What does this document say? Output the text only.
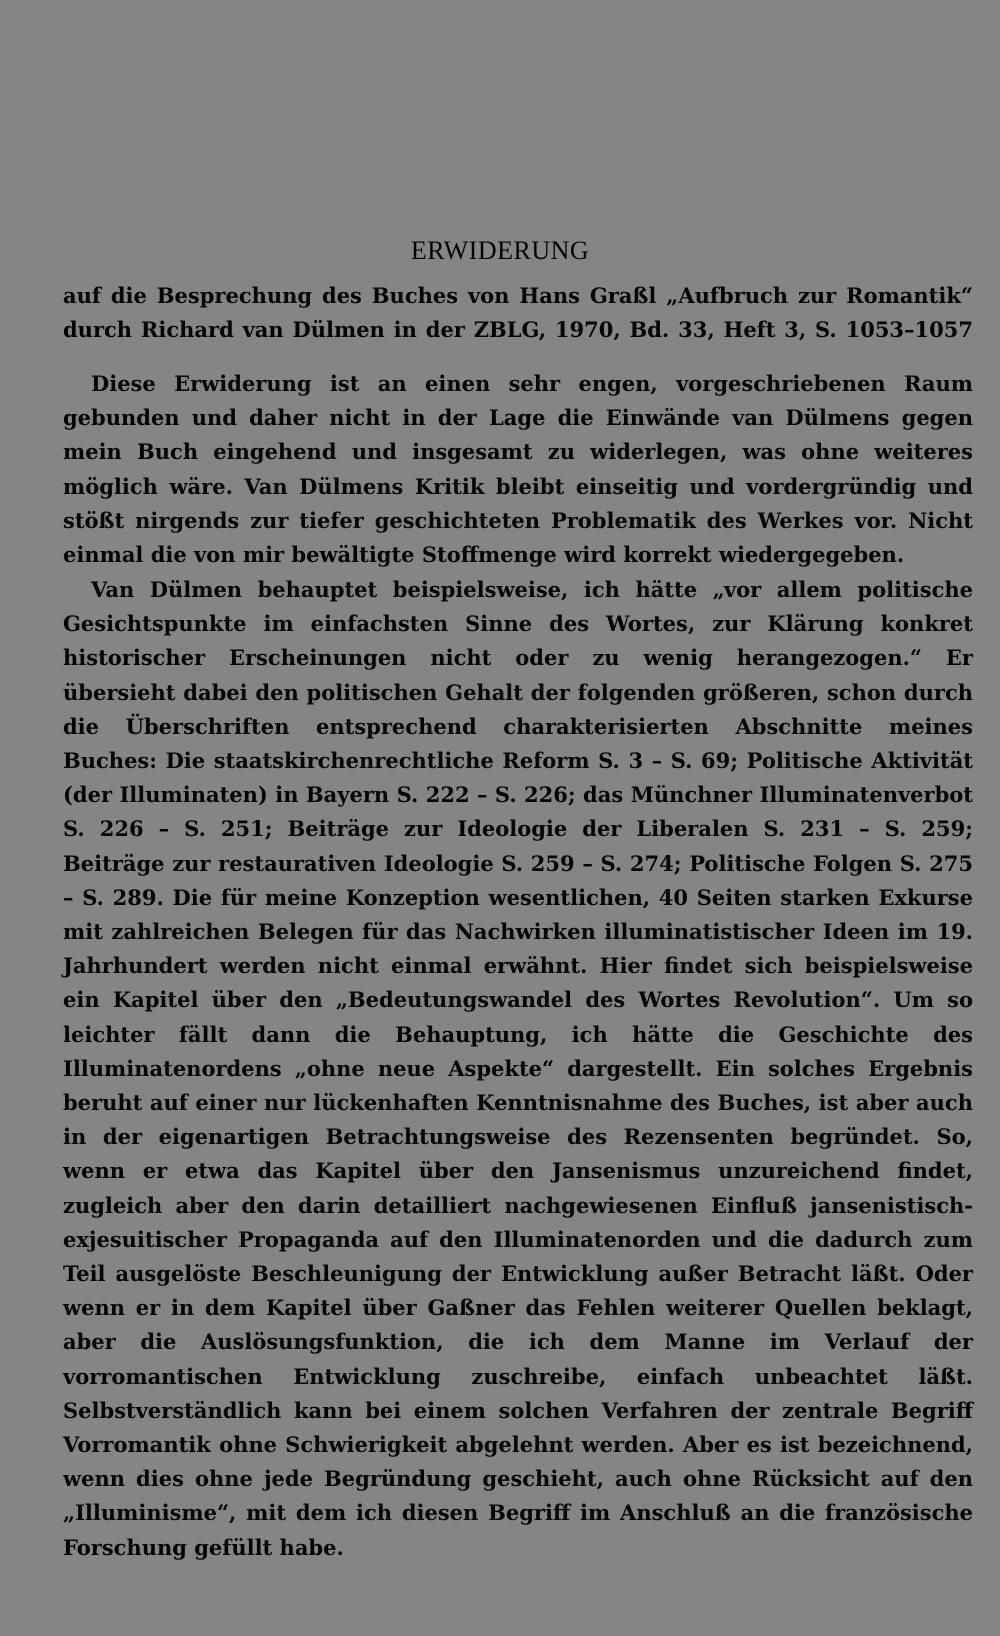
ERWIDERUNG
auf die Besprechung des Buches von Hans Graßl „Aufbruch zur Romantik“
durch Richard van Dülmen in der ZBLG, 1970, Bd. 33, Heft 3, S. 1053–1057

Diese Erwiderung ist an einen sehr engen, vorgeschriebenen Raum gebunden und daher nicht in der Lage die Einwände van Dülmens gegen mein Buch eingehend und insgesamt zu widerlegen, was ohne weiteres möglich wäre. Van Dülmens Kritik bleibt einseitig und vordergründig und stößt nirgends zur tiefer geschichteten Problematik des Werkes vor. Nicht einmal die von mir bewältigte Stoffmenge wird korrekt wiedergegeben.

Van Dülmen behauptet beispielsweise, ich hätte „vor allem politische Gesichtspunkte im einfachsten Sinne des Wortes, zur Klärung konkret historischer Erscheinungen nicht oder zu wenig herangezogen.“ Er übersieht dabei den politischen Gehalt der folgenden größeren, schon durch die Überschriften entsprechend charakterisierten Abschnitte meines Buches: Die staatskirchenrechtliche Reform S. 3 – S. 69; Politische Aktivität (der Illuminaten) in Bayern S. 222 – S. 226; das Münchner Illuminatenverbot S. 226 – S. 251; Beiträge zur Ideologie der Liberalen S. 231 – S. 259; Beiträge zur restaurativen Ideologie S. 259 – S. 274; Politische Folgen S. 275 – S. 289. Die für meine Konzeption wesentlichen, 40 Seiten starken Exkurse mit zahlreichen Belegen für das Nachwirken illuminatistischer Ideen im 19. Jahrhundert werden nicht einmal erwähnt. Hier findet sich beispielsweise ein Kapitel über den „Bedeutungswandel des Wortes Revolution“. Um so leichter fällt dann die Behauptung, ich hätte die Geschichte des Illuminatenordens „ohne neue Aspekte“ dargestellt. Ein solches Ergebnis beruht auf einer nur lückenhaften Kenntnisnahme des Buches, ist aber auch in der eigenartigen Betrachtungsweise des Rezensenten begründet. So, wenn er etwa das Kapitel über den Jansenismus unzureichend findet, zugleich aber den darin detailliert nachgewiesenen Einfluß jansenistisch-exjesuitischer Propaganda auf den Illuminatenorden und die dadurch zum Teil ausgelöste Beschleunigung der Entwicklung außer Betracht läßt. Oder wenn er in dem Kapitel über Gaßner das Fehlen weiterer Quellen beklagt, aber die Auslösungsfunktion, die ich dem Manne im Verlauf der vorromantischen Entwicklung zuschreibe, einfach unbeachtet läßt. Selbstverständlich kann bei einem solchen Verfahren der zentrale Begriff Vorromantik ohne Schwierigkeit abgelehnt werden. Aber es ist bezeichnend, wenn dies ohne jede Begründung geschieht, auch ohne Rücksicht auf den „Illuminisme“, mit dem ich diesen Begriff im Anschluß an die französische Forschung gefüllt habe.
